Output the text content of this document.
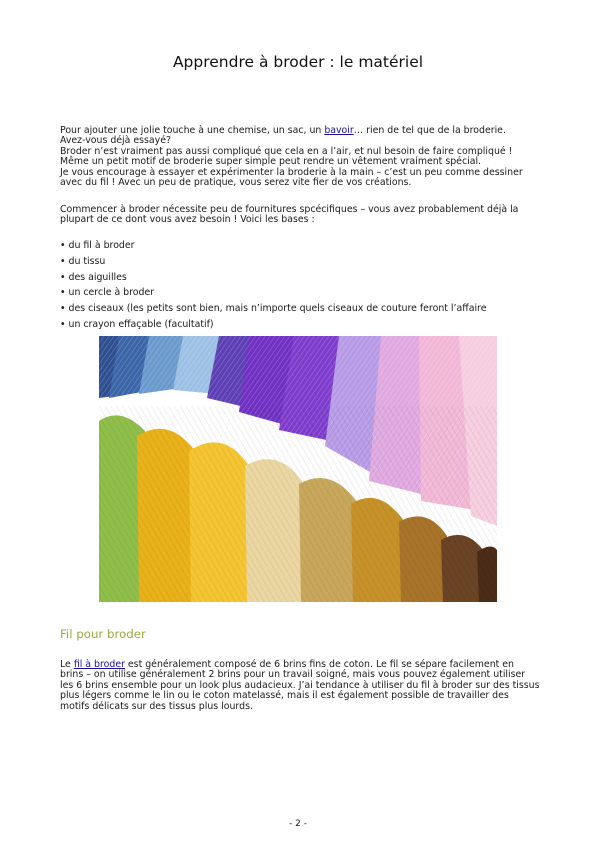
Apprendre à broder : le matériel

Pour ajouter une jolie touche à une chemise, un sac, un bavoir… rien de tel que de la broderie.

Avez-vous déjà essayé?

Broder n’est vraiment pas aussi compliqué que cela en a l’air, et nul besoin de faire compliqué ! Même un petit motif de broderie super simple peut rendre un vêtement vraiment spécial.

Je vous encourage à essayer et expérimenter la broderie à la main – c’est un peu comme dessiner avec du fil ! Avec un peu de pratique, vous serez vite fier de vos créations.

Commencer à broder nécessite peu de fournitures spcécifiques – vous avez probablement déjà la plupart de ce dont vous avez besoin ! Voici les bases :

• du fil à broder
• du tissu
• des aiguilles
• un cercle à broder
• des ciseaux (les petits sont bien, mais n’importe quels ciseaux de couture feront l’affaire
• un crayon effaçable (facultatif)
Fil pour broder

Le fil à broder est généralement composé de 6 brins fins de coton. Le fil se sépare facilement en brins – on utilise généralement 2 brins pour un travail soigné, mais vous pouvez également utiliser les 6 brins ensemble pour un look plus audacieux. J’ai tendance à utiliser du fil à broder sur des tissus plus légers comme le lin ou le coton matelassé, mais il est également possible de travailler des motifs délicats sur des tissus plus lourds.

- 2 -
